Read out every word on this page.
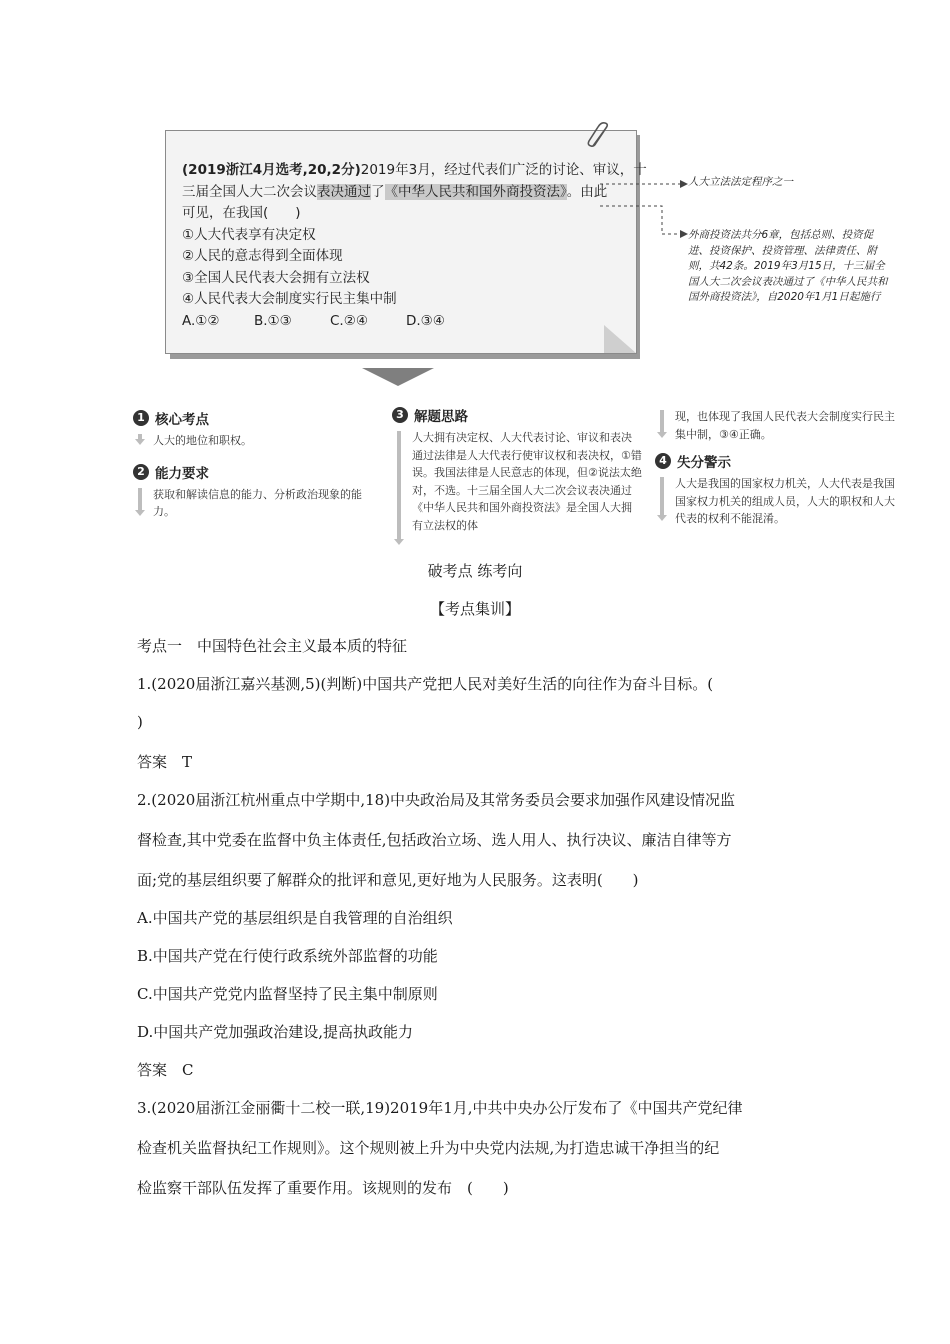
(2019浙江4月选考,20,2分)2019年3月，经过代表们广泛的讨论、审议，十
三届全国人大二次会议表决通过了《中华人民共和国外商投资法》。由此
可见，在我国(　　)
①人大代表享有决定权
②人民的意志得到全面体现
③全国人民代表大会拥有立法权
④人民代表大会制度实行民主集中制
A.①②	B.①③	C.②④	D.③④
人大立法法定程序之一
外商投资法共分6章，包括总则、投资促进、投资保护、投资管理、法律责任、附则，共42条。2019年3月15日，十三届全国人大二次会议表决通过了《中华人民共和国外商投资法》，自2020年1月1日起施行
1 核心考点
人大的地位和职权。
2 能力要求
获取和解读信息的能力、分析政治现象的能力。
3 解题思路
人大拥有决定权、人大代表讨论、审议和表决通过法律是人大代表行使审议权和表决权，①错误。我国法律是人民意志的体现，但②说法太绝对，不选。十三届全国人大二次会议表决通过《中华人民共和国外商投资法》是全国人大拥有立法权的体
现，也体现了我国人民代表大会制度实行民主集中制，③④正确。
4 失分警示
人大是我国的国家权力机关，人大代表是我国国家权力机关的组成人员，人大的职权和人大代表的权利不能混淆。
破考点 练考向
【考点集训】
考点一　中国特色社会主义最本质的特征
1.(2020届浙江嘉兴基测,5)(判断)中国共产党把人民对美好生活的向往作为奋斗目标。(
)
答案　T
2.(2020届浙江杭州重点中学期中,18)中央政治局及其常务委员会要求加强作风建设情况监
督检查,其中党委在监督中负主体责任,包括政治立场、选人用人、执行决议、廉洁自律等方
面;党的基层组织要了解群众的批评和意见,更好地为人民服务。这表明(　　)
A.中国共产党的基层组织是自我管理的自治组织
B.中国共产党在行使行政系统外部监督的功能
C.中国共产党党内监督坚持了民主集中制原则
D.中国共产党加强政治建设,提高执政能力
答案　C
3.(2020届浙江金丽衢十二校一联,19)2019年1月,中共中央办公厅发布了《中国共产党纪律
检查机关监督执纪工作规则》。这个规则被上升为中央党内法规,为打造忠诚干净担当的纪
检监察干部队伍发挥了重要作用。该规则的发布　(　　)
